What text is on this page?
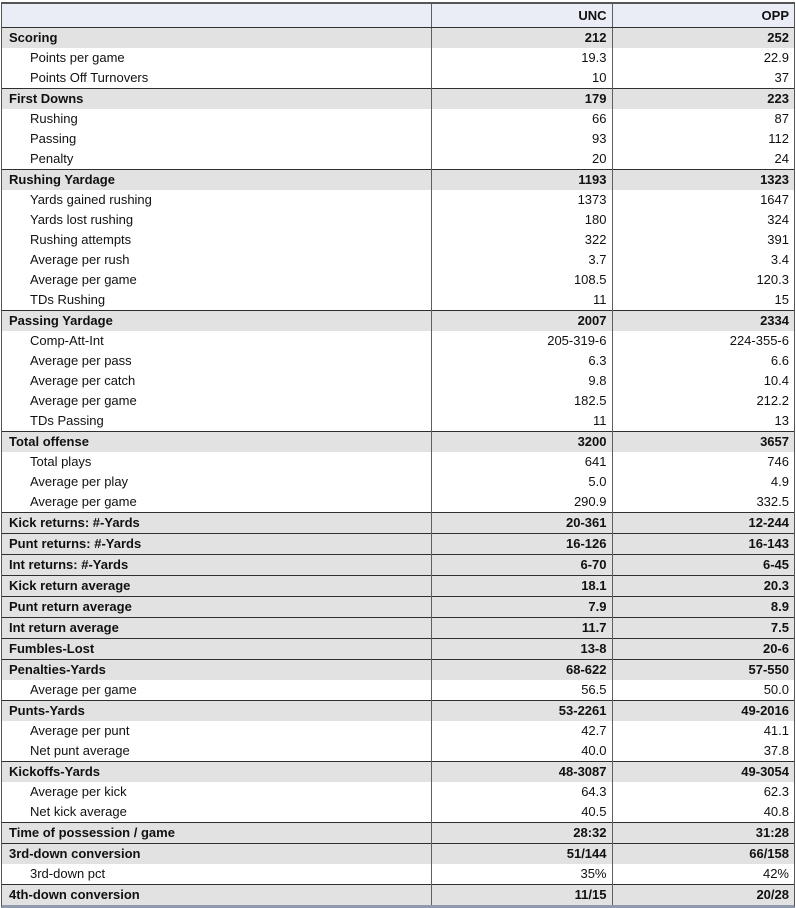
	UNC	OPP
Scoring	212	252
Points per game	19.3	22.9
Points Off Turnovers	10	37
First Downs	179	223
Rushing	66	87
Passing	93	112
Penalty	20	24
Rushing Yardage	1193	1323
Yards gained rushing	1373	1647
Yards lost rushing	180	324
Rushing attempts	322	391
Average per rush	3.7	3.4
Average per game	108.5	120.3
TDs Rushing	11	15
Passing Yardage	2007	2334
Comp-Att-Int	205-319-6	224-355-6
Average per pass	6.3	6.6
Average per catch	9.8	10.4
Average per game	182.5	212.2
TDs Passing	11	13
Total offense	3200	3657
Total plays	641	746
Average per play	5.0	4.9
Average per game	290.9	332.5
Kick returns: #-Yards	20-361	12-244
Punt returns: #-Yards	16-126	16-143
Int returns: #-Yards	6-70	6-45
Kick return average	18.1	20.3
Punt return average	7.9	8.9
Int return average	11.7	7.5
Fumbles-Lost	13-8	20-6
Penalties-Yards	68-622	57-550
Average per game	56.5	50.0
Punts-Yards	53-2261	49-2016
Average per punt	42.7	41.1
Net punt average	40.0	37.8
Kickoffs-Yards	48-3087	49-3054
Average per kick	64.3	62.3
Net kick average	40.5	40.8
Time of possession / game	28:32	31:28
3rd-down conversion	51/144	66/158
3rd-down pct	35%	42%
4th-down conversion	11/15	20/28
